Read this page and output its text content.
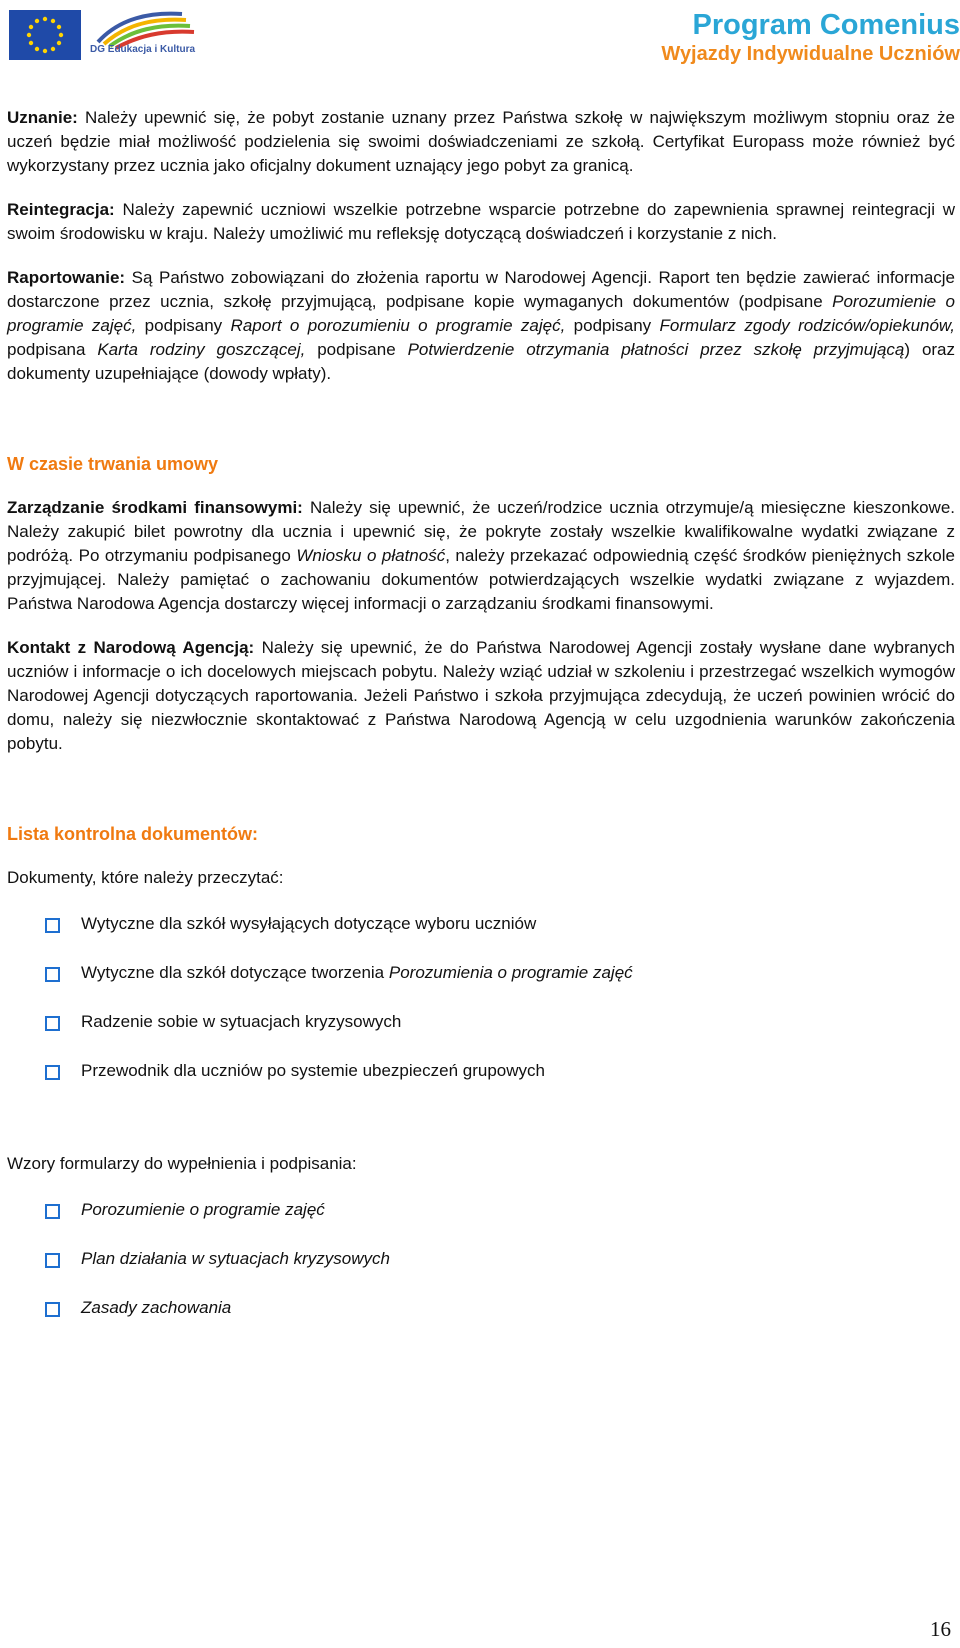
DG Edukacja i Kultura
Program Comenius
Wyjazdy Indywidualne Uczniów

Uznanie: Należy upewnić się, że pobyt zostanie uznany przez Państwa szkołę w największym możliwym stopniu oraz że uczeń będzie miał możliwość podzielenia się swoimi doświadczeniami ze szkołą. Certyfikat Europass może również być wykorzystany przez ucznia jako oficjalny dokument uznający jego pobyt za granicą.

Reintegracja: Należy zapewnić uczniowi wszelkie potrzebne wsparcie potrzebne do zapewnienia sprawnej reintegracji w swoim środowisku w kraju. Należy umożliwić mu refleksję dotyczącą doświadczeń i korzystanie z nich.

Raportowanie: Są Państwo zobowiązani do złożenia raportu w Narodowej Agencji. Raport ten będzie zawierać informacje dostarczone przez ucznia, szkołę przyjmującą, podpisane kopie wymaganych dokumentów (podpisane Porozumienie o programie zajęć, podpisany Raport o porozumieniu o programie zajęć, podpisany Formularz zgody rodziców/opiekunów, podpisana Karta rodziny goszczącej, podpisane Potwierdzenie otrzymania płatności przez szkołę przyjmującą) oraz dokumenty uzupełniające (dowody wpłaty).

W czasie trwania umowy

Zarządzanie środkami finansowymi: Należy się upewnić, że uczeń/rodzice ucznia otrzymuje/ą miesięczne kieszonkowe. Należy zakupić bilet powrotny dla ucznia i upewnić się, że pokryte zostały wszelkie kwalifikowalne wydatki związane z podróżą. Po otrzymaniu podpisanego Wniosku o płatność, należy przekazać odpowiednią część środków pieniężnych szkole przyjmującej. Należy pamiętać o zachowaniu dokumentów potwierdzających wszelkie wydatki związane z wyjazdem. Państwa Narodowa Agencja dostarczy więcej informacji o zarządzaniu środkami finansowymi.

Kontakt z Narodową Agencją: Należy się upewnić, że do Państwa Narodowej Agencji zostały wysłane dane wybranych uczniów i informacje o ich docelowych miejscach pobytu. Należy wziąć udział w szkoleniu i przestrzegać wszelkich wymogów Narodowej Agencji dotyczących raportowania. Jeżeli Państwo i szkoła przyjmująca zdecydują, że uczeń powinien wrócić do domu, należy się niezwłocznie skontaktować z Państwa Narodową Agencją w celu uzgodnienia warunków zakończenia pobytu.

Lista kontrolna dokumentów:

Dokumenty, które należy przeczytać:

Wytyczne dla szkół wysyłających dotyczące wyboru uczniów
Wytyczne dla szkół dotyczące tworzenia Porozumienia o programie zajęć
Radzenie sobie w sytuacjach kryzysowych
Przewodnik dla uczniów po systemie ubezpieczeń grupowych

Wzory formularzy do wypełnienia i podpisania:

Porozumienie o programie zajęć
Plan działania w sytuacjach kryzysowych
Zasady zachowania
16
